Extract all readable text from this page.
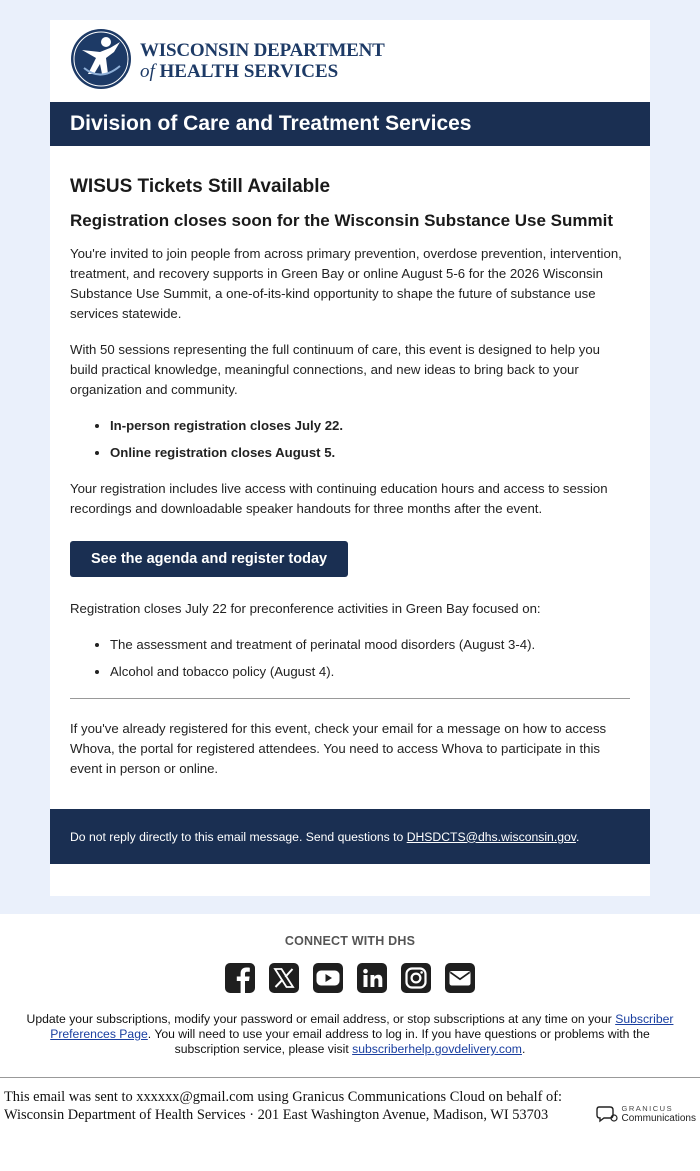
WISCONSIN DEPARTMENT
of HEALTH SERVICES
Division of Care and Treatment Services
WISUS Tickets Still Available
Registration closes soon for the Wisconsin Substance Use Summit

You're invited to join people from across primary prevention, overdose prevention, intervention, treatment, and recovery supports in Green Bay or online August 5-6 for the 2026 Wisconsin Substance Use Summit, a one-of-its-kind opportunity to shape the future of substance use services statewide.

With 50 sessions representing the full continuum of care, this event is designed to help you build practical knowledge, meaningful connections, and new ideas to bring back to your organization and community.

• In-person registration closes July 22.
• Online registration closes August 5.

Your registration includes live access with continuing education hours and access to session recordings and downloadable speaker handouts for three months after the event.

See the agenda and register today

Registration closes July 22 for preconference activities in Green Bay focused on:

• The assessment and treatment of perinatal mood disorders (August 3-4).
• Alcohol and tobacco policy (August 4).

If you've already registered for this event, check your email for a message on how to access Whova, the portal for registered attendees. You need to access Whova to participate in this event in person or online.

Do not reply directly to this email message. Send questions to DHSDCTS@dhs.wisconsin.gov.
CONNECT WITH DHS
Update your subscriptions, modify your password or email address, or stop subscriptions at any time on your Subscriber Preferences Page. You will need to use your email address to log in. If you have questions or problems with the subscription service, please visit subscriberhelp.govdelivery.com.
This email was sent to xxxxxx@gmail.com using Granicus Communications Cloud on behalf of: Wisconsin Department of Health Services · 201 East Washington Avenue, Madison, WI 53703	GRANICUS
Communications
